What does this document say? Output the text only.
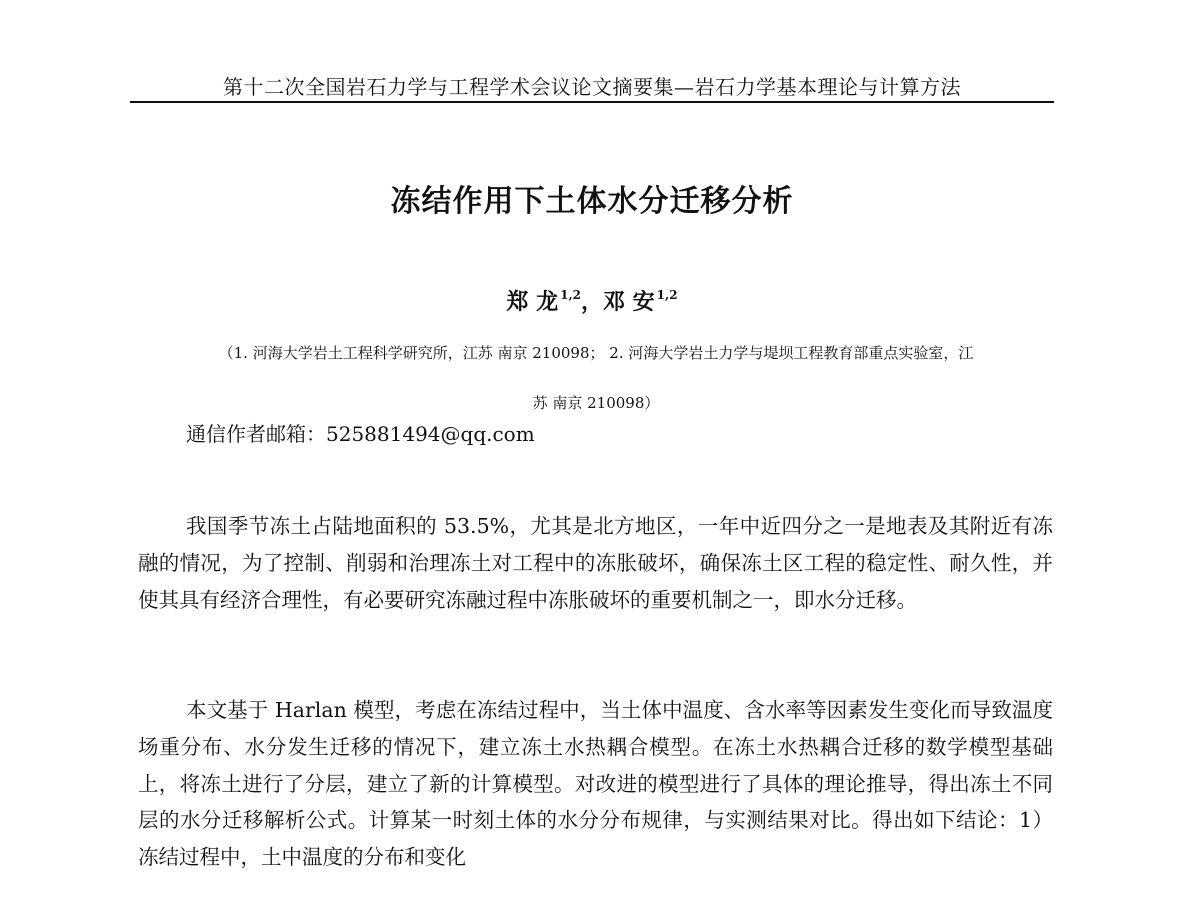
第十二次全国岩石力学与工程学术会议论文摘要集—岩石力学基本理论与计算方法
冻结作用下土体水分迁移分析
郑 龙 $^{1,2}$，邓 安 $^{1,2}$
（1. 河海大学岩土工程科学研究所，江苏 南京 210098； 2. 河海大学岩土力学与堤坝工程教育部重点实验室，江
苏 南京 210098）
通信作者邮箱：525881494@qq.com

我国季节冻土占陆地面积的 53.5%，尤其是北方地区，一年中近四分之一是地表及其附近有冻融的情况，为了控制、削弱和治理冻土对工程中的冻胀破坏，确保冻土区工程的稳定性、耐久性，并使其具有经济合理性，有必要研究冻融过程中冻胀破坏的重要机制之一，即水分迁移。

本文基于 Harlan 模型，考虑在冻结过程中，当土体中温度、含水率等因素发生变化而导致温度场重分布、水分发生迁移的情况下，建立冻土水热耦合模型。在冻土水热耦合迁移的数学模型基础上，将冻土进行了分层，建立了新的计算模型。对改进的模型进行了具体的理论推导，得出冻土不同层的水分迁移解析公式。计算某一时刻土体的水分分布规律，与实测结果对比。得出如下结论：1）冻结过程中，土中温度的分布和变化
